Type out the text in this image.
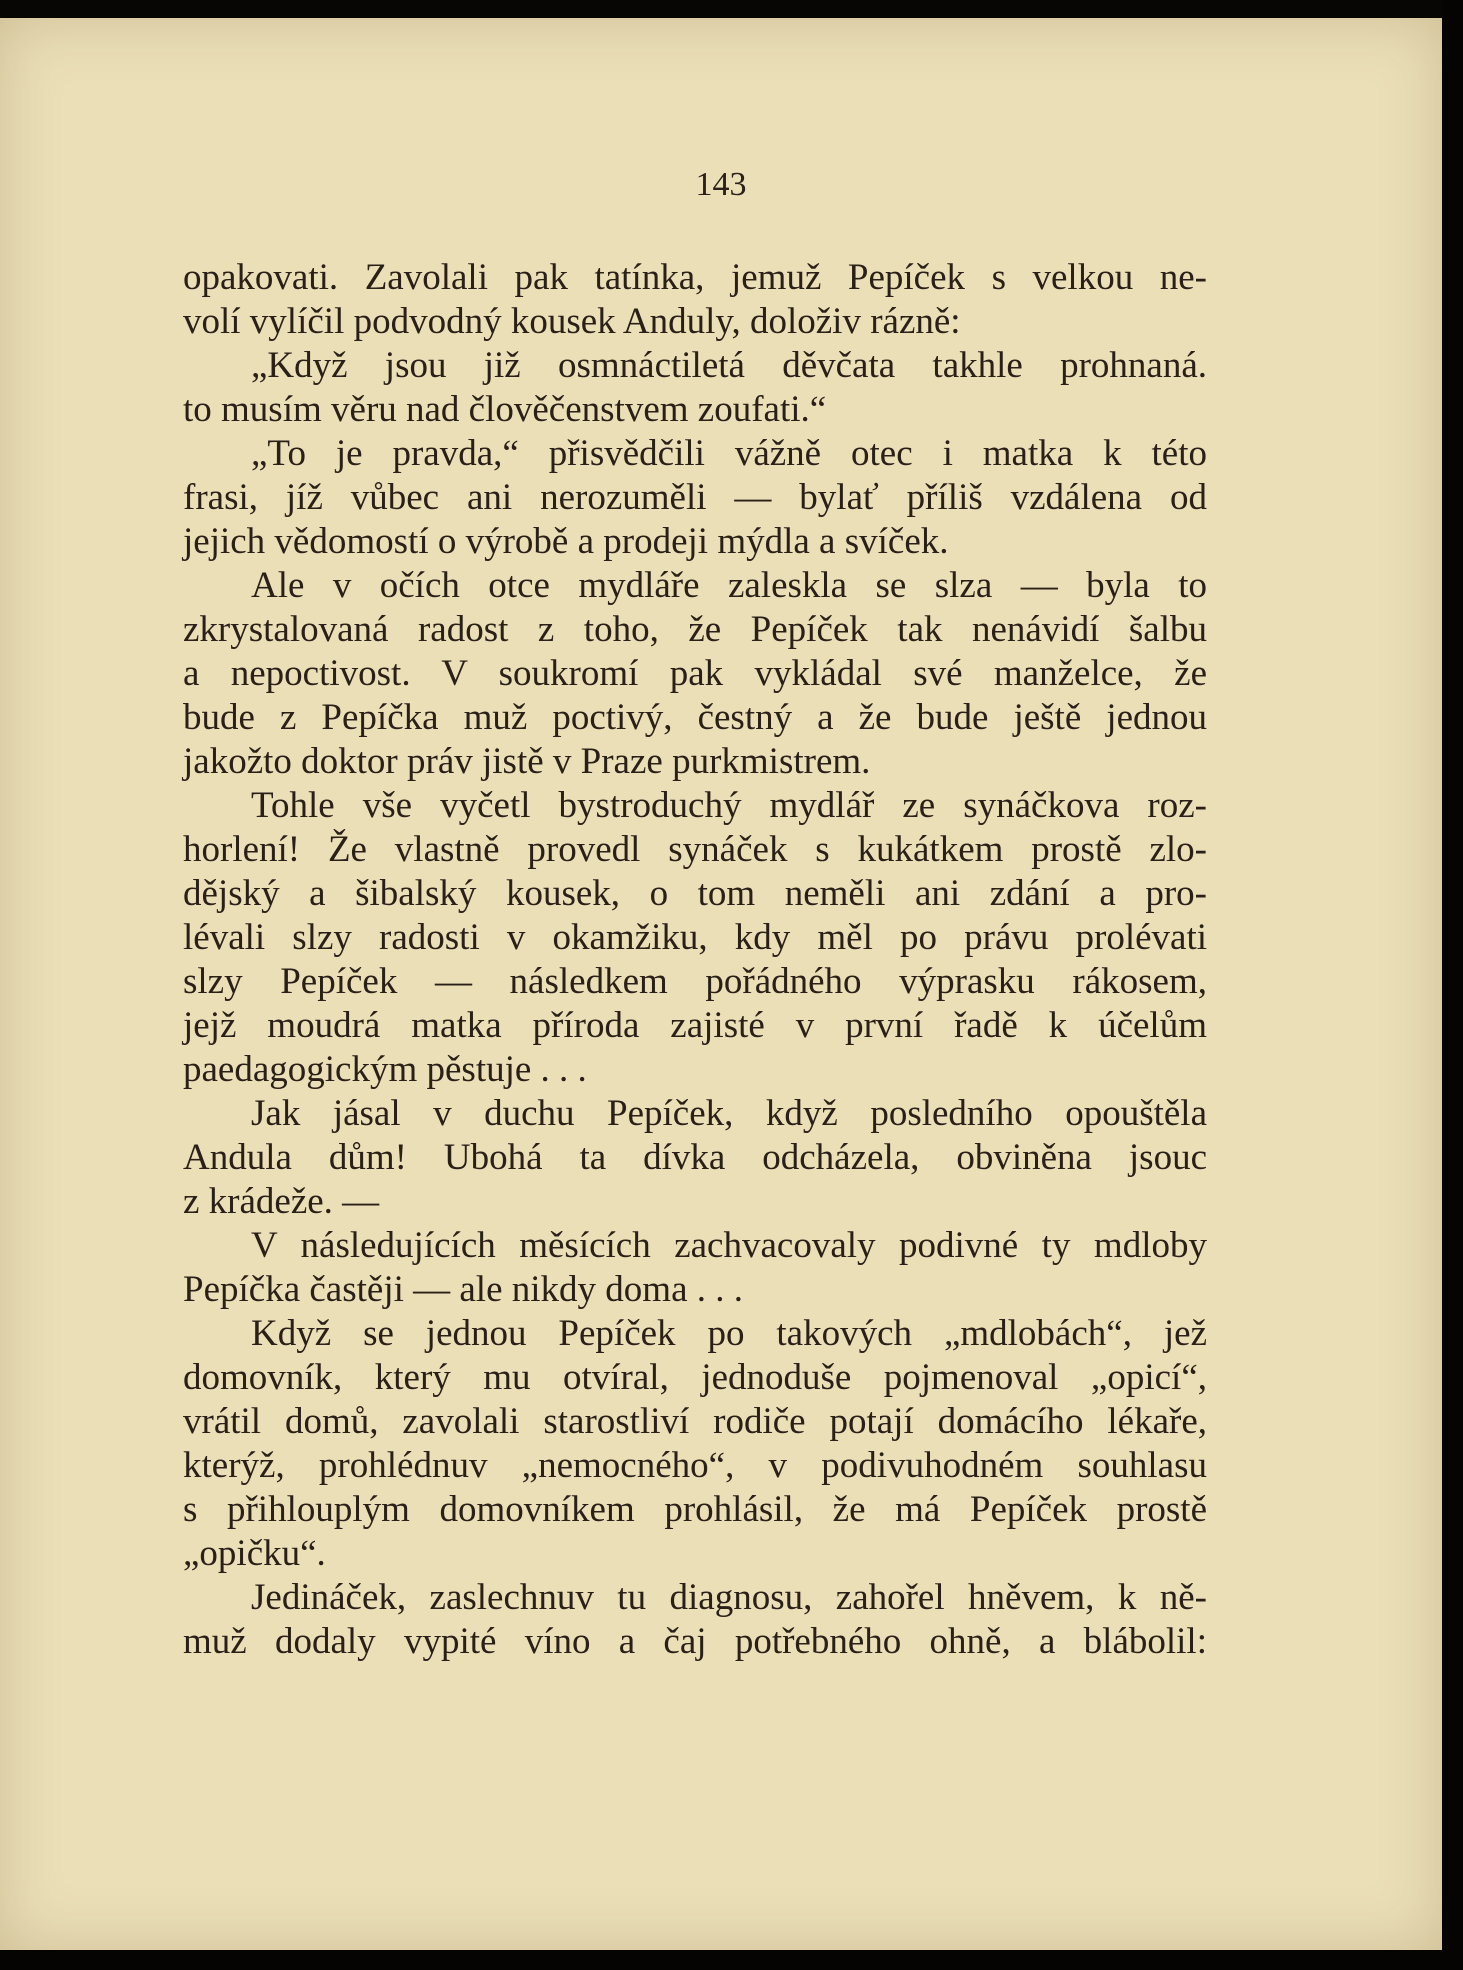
143
opakovati. Zavolali pak tatínka, jemuž Pepíček s velkou ne-
volí vylíčil podvodný kousek Anduly, doloživ rázně:
„Když jsou již osmnáctiletá děvčata takhle prohnaná.
to musím věru nad člověčenstvem zoufati.“
„To je pravda,“ přisvědčili vážně otec i matka k této
frasi, jíž vůbec ani nerozuměli — bylať příliš vzdálena od
jejich vědomostí o výrobě a prodeji mýdla a svíček.
Ale v očích otce mydláře zaleskla se slza — byla to
zkrystalovaná radost z toho, že Pepíček tak nenávidí šalbu
a nepoctivost. V soukromí pak vykládal své manželce, že
bude z Pepíčka muž poctivý, čestný a že bude ještě jednou
jakožto doktor práv jistě v Praze purkmistrem.
Tohle vše vyčetl bystroduchý mydlář ze synáčkova roz-
horlení! Že vlastně provedl synáček s kukátkem prostě zlo-
dějský a šibalský kousek, o tom neměli ani zdání a pro-
lévali slzy radosti v okamžiku, kdy měl po právu prolévati
slzy Pepíček — následkem pořádného výprasku rákosem,
jejž moudrá matka příroda zajisté v první řadě k účelům
paedagogickým pěstuje . . .
Jak jásal v duchu Pepíček, když posledního opouštěla
Andula dům! Ubohá ta dívka odcházela, obviněna jsouc
z krádeže. —
V následujících měsících zachvacovaly podivné ty mdloby
Pepíčka častěji — ale nikdy doma . . .
Když se jednou Pepíček po takových „mdlobách“, jež
domovník, který mu otvíral, jednoduše pojmenoval „opicí“,
vrátil domů, zavolali starostliví rodiče potají domácího lékaře,
kterýž, prohlédnuv „nemocného“, v podivuhodném souhlasu
s přihlouplým domovníkem prohlásil, že má Pepíček prostě
„opičku“.
Jedináček, zaslechnuv tu diagnosu, zahořel hněvem, k ně-
muž dodaly vypité víno a čaj potřebného ohně, a blábolil:
